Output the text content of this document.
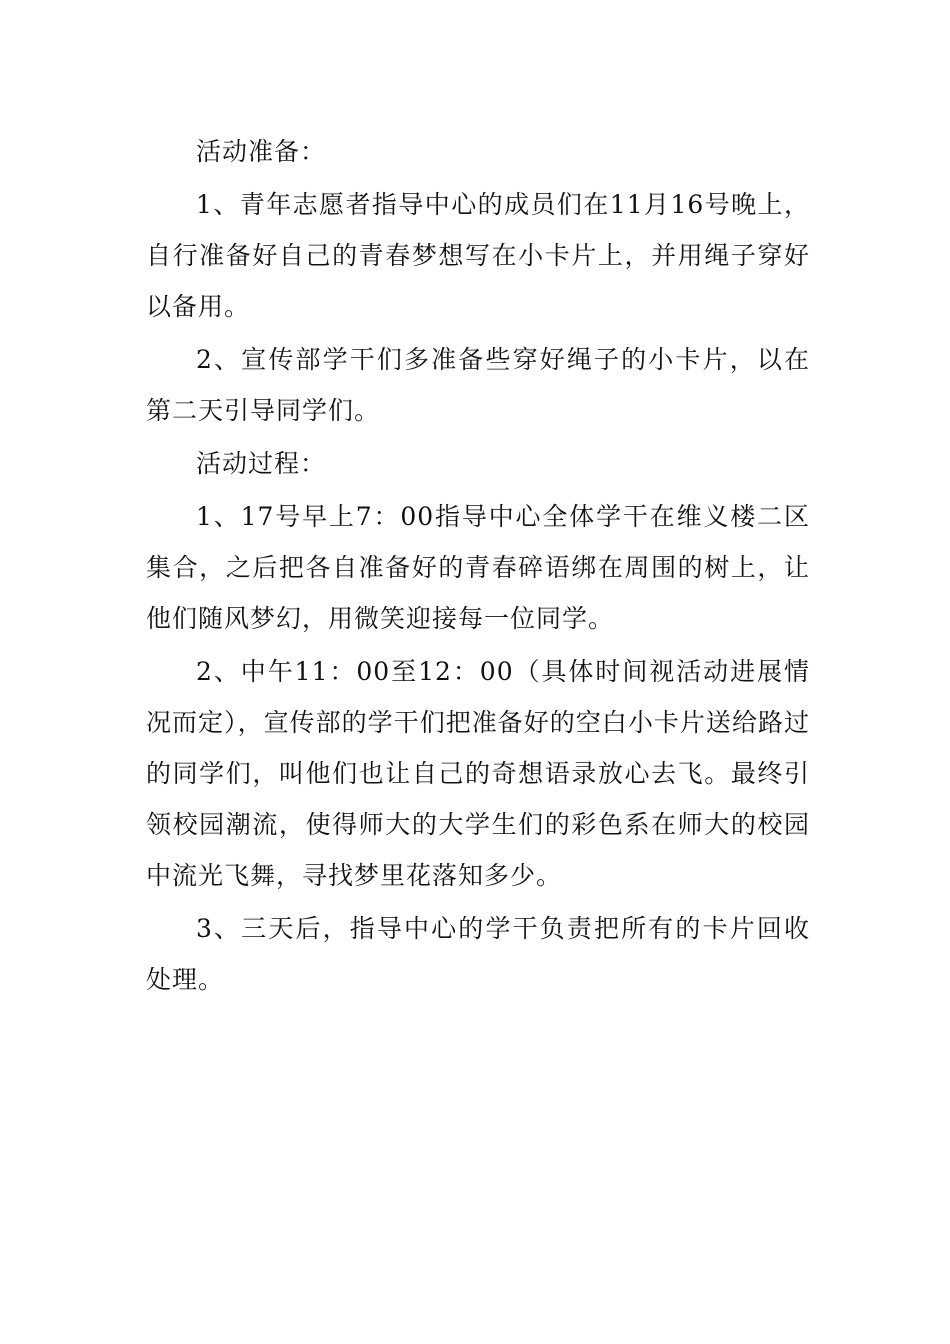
活动准备：

1、青年志愿者指导中心的成员们在11月16号晚上，自行准备好自己的青春梦想写在小卡片上，并用绳子穿好以备用。

2、宣传部学干们多准备些穿好绳子的小卡片，以在第二天引导同学们。

活动过程：

1、17号早上7：00指导中心全体学干在维义楼二区集合，之后把各自准备好的青春碎语绑在周围的树上，让他们随风梦幻，用微笑迎接每一位同学。

2、中午11：00至12：00（具体时间视活动进展情况而定），宣传部的学干们把准备好的空白小卡片送给路过的同学们，叫他们也让自己的奇想语录放心去飞。最终引领校园潮流，使得师大的大学生们的彩色系在师大的校园中流光飞舞，寻找梦里花落知多少。

3、三天后，指导中心的学干负责把所有的卡片回收处理。
